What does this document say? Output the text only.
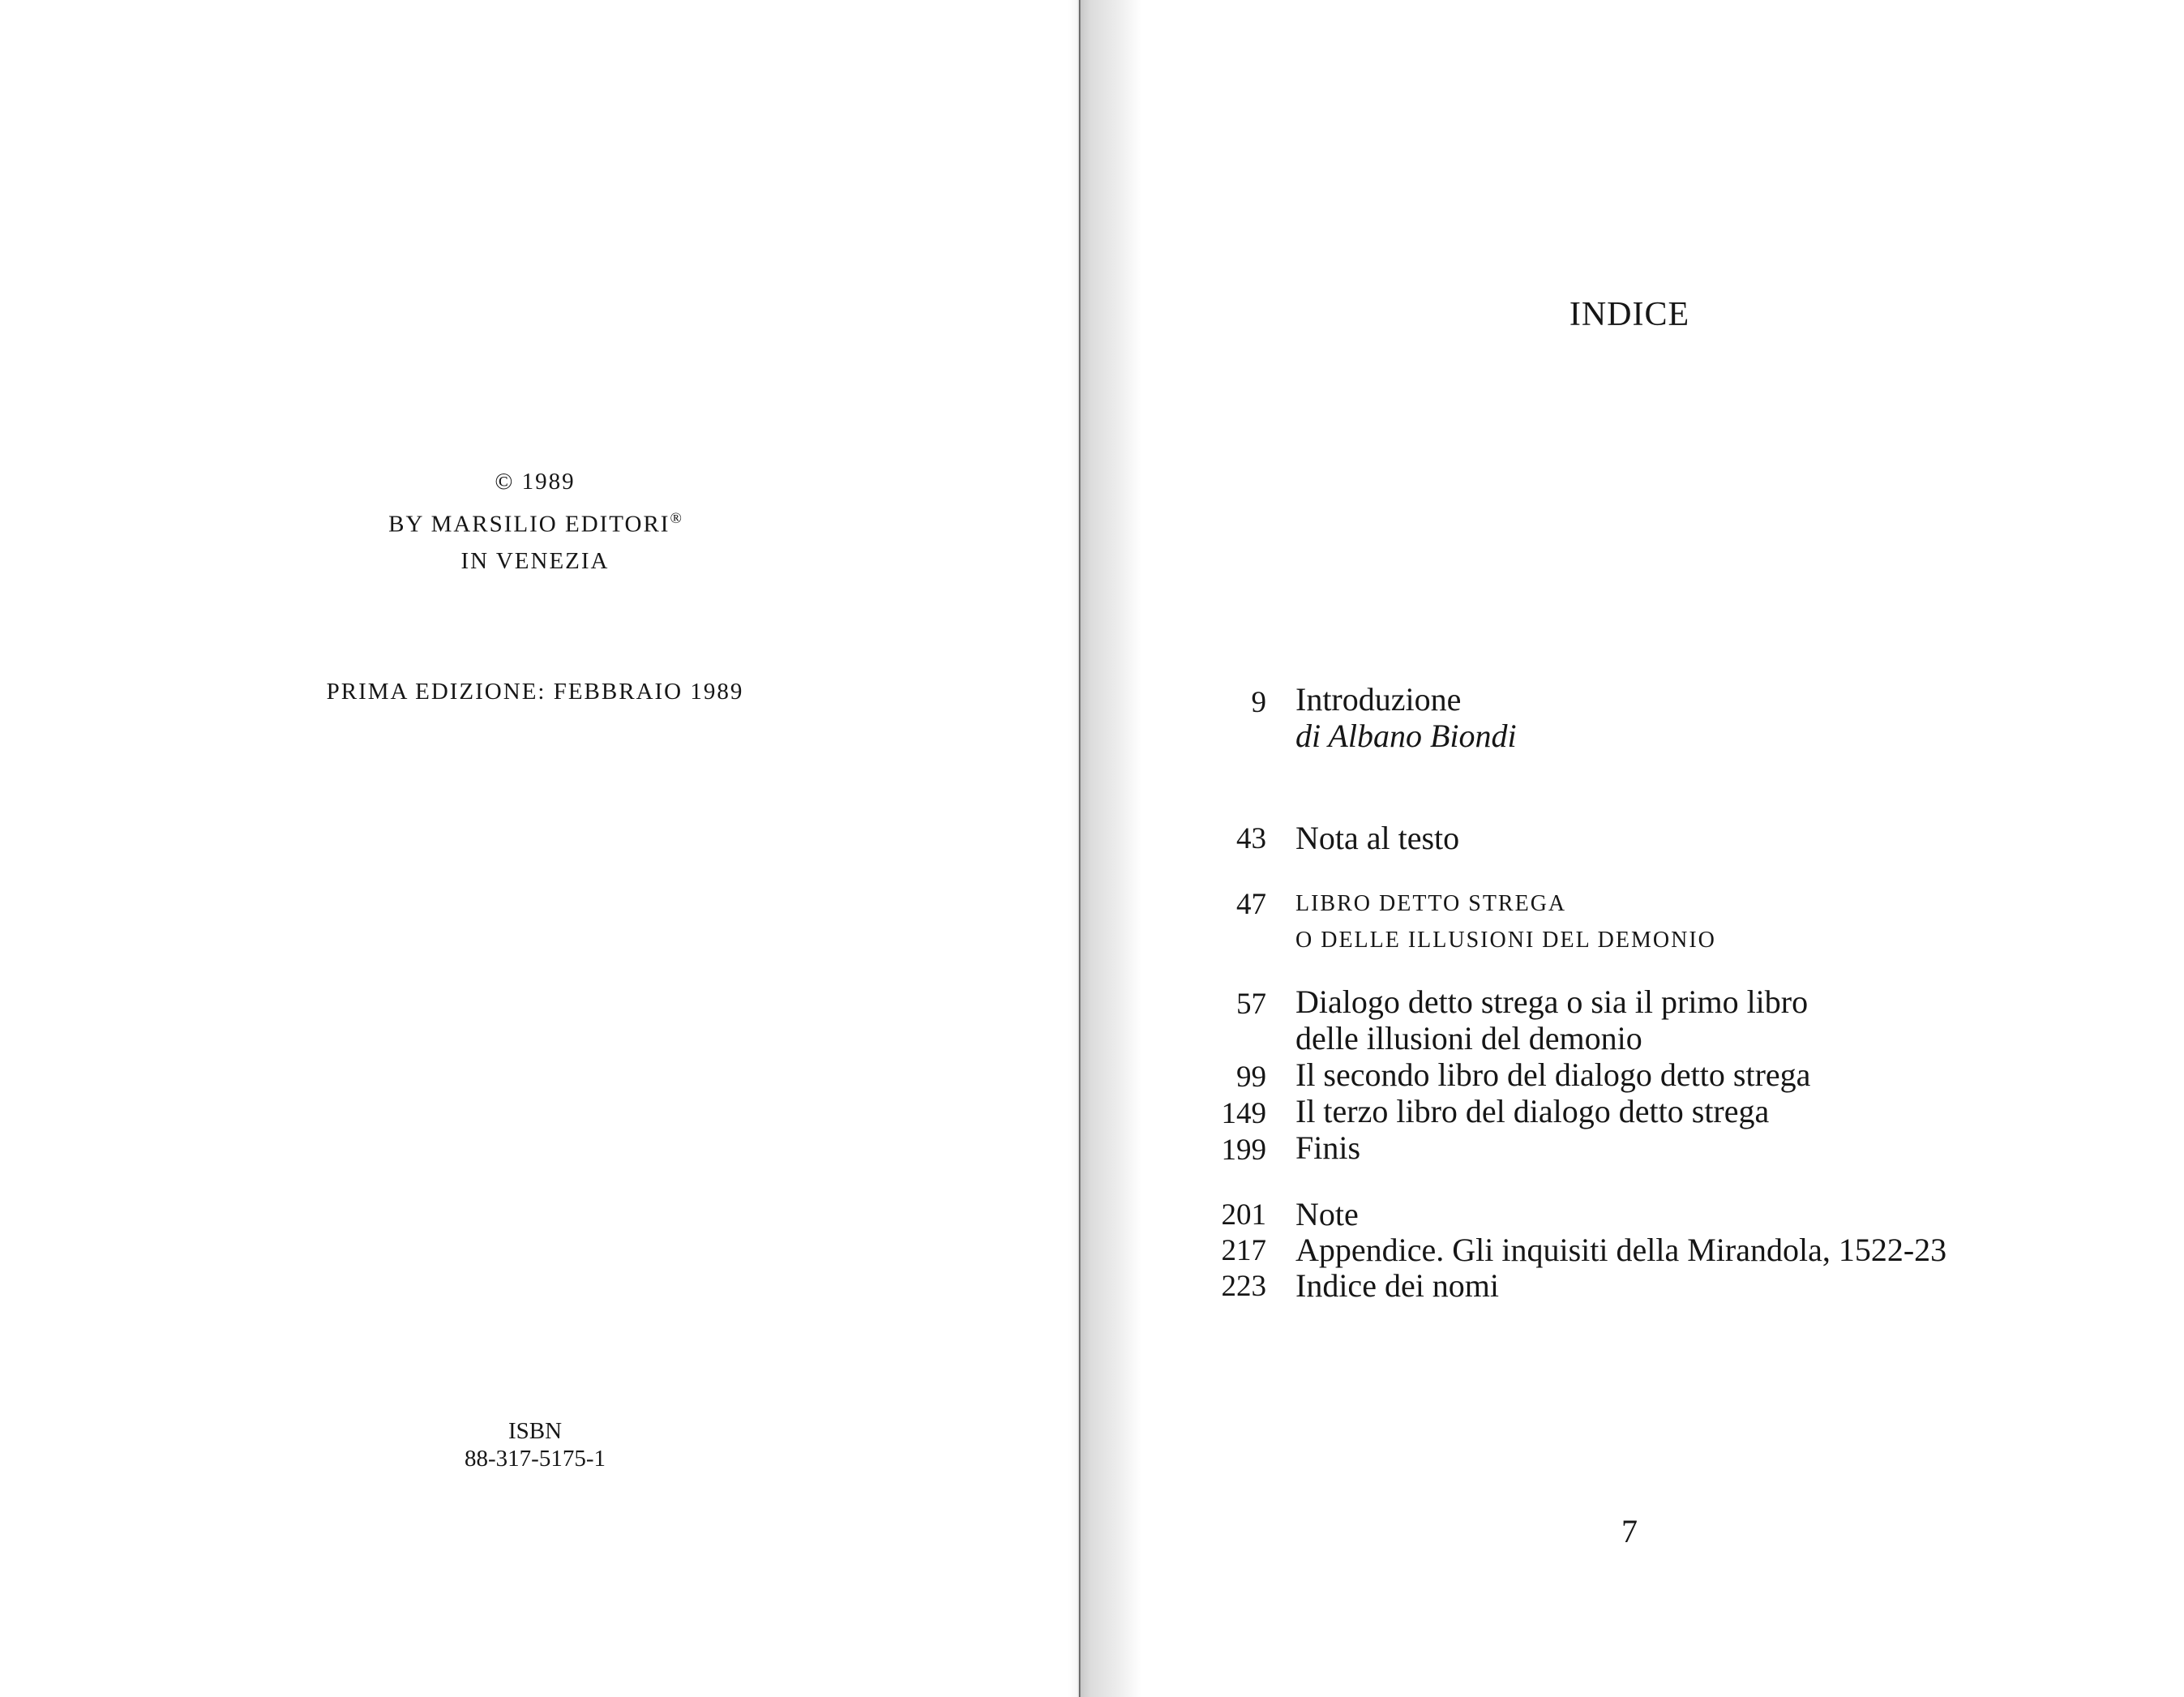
© 1989
BY MARSILIO EDITORI®
IN VENEZIA
PRIMA EDIZIONE: FEBBRAIO 1989
ISBN
88-317-5175-1
INDICE
9 Introduzione
di Albano Biondi
43 Nota al testo
47 LIBRO DETTO STREGA
O DELLE ILLUSIONI DEL DEMONIO
57 Dialogo detto strega o sia il primo libro
delle illusioni del demonio
99 Il secondo libro del dialogo detto strega
149 Il terzo libro del dialogo detto strega
199 Finis
201 Note
217 Appendice. Gli inquisiti della Mirandola, 1522-23
223 Indice dei nomi
7
